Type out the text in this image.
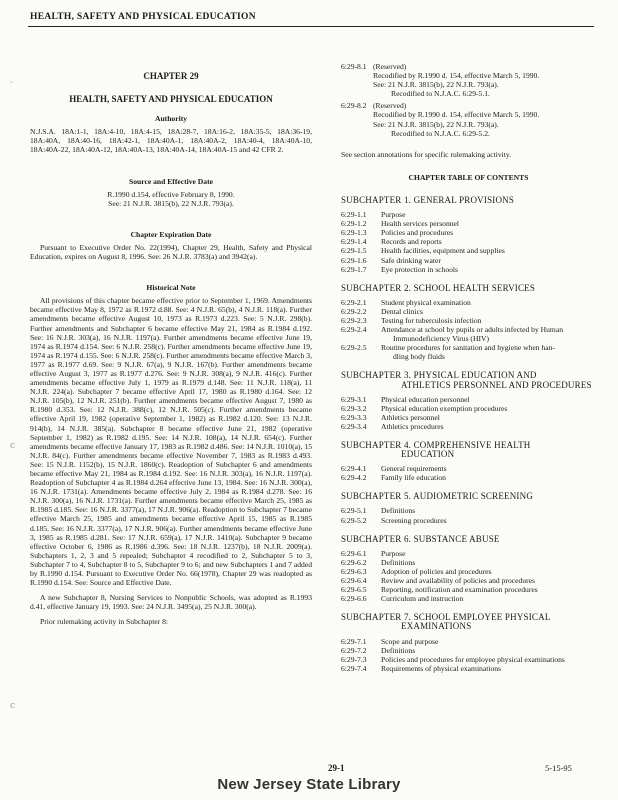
HEALTH, SAFETY AND PHYSICAL EDUCATION
˘
ⅽ
ⅽ
CHAPTER 29
HEALTH, SAFETY AND PHYSICAL EDUCATION
Authority

N.J.S.A. 18A:1-1, 18A:4-10, 18A:4-15, 18A:28-7, 18A:16-2, 18A:35-5, 18A:36-19, 18A:40A, 18A:40-16, 18A:42-1, 18A:40A-1, 18A:40A-2, 18A:40-4, 18A:40A-10, 18A:40A-22, 18A:40A-12, 18A:40A-13, 18A:40A-14, 18A:40A-15 and 42 CFR 2.

Source and Effective Date
R.1990 d.154, effective February 8, 1990.
See: 21 N.J.R. 3815(b), 22 N.J.R. 793(a).
Chapter Expiration Date

Pursuant to Executive Order No. 22(1994), Chapter 29, Health, Safety and Physical Education, expires on August 8, 1996. See: 26 N.J.R. 3783(a) and 3942(a).

Historical Note

All provisions of this chapter became effective prior to September 1, 1969. Amendments became effective May 8, 1972 as R.1972 d.88. See: 4 N.J.R. 65(b), 4 N.J.R. 118(a). Further amendments became effective August 10, 1973 as R.1973 d.223. See: 5 N.J.R. 298(b). Further amendments and Subchapter 6 became effective May 21, 1984 as R.1984 d.192. See: 16 N.J.R. 303(a), 16 N.J.R. 1197(a). Further amendments became effective June 19, 1974 as R.1974 d.154. See: 6 N.J.R. 258(c). Further amendments became effective June 19, 1974 as R.1974 d.155. See: 6 N.J.R. 258(c). Further amendments became effective March 3, 1977 as R.1977 d.69. See: 9 N.J.R. 67(a), 9 N.J.R. 167(b). Further amendments became effective August 3, 1977 as R.1977 d.276. See: 9 N.J.R. 308(a), 9 N.J.R. 416(c). Further amendments became effective July 1, 1979 as R.1979 d.148. See: 11 N.J.R. 118(a), 11 N.J.R. 224(a). Subchapter 7 became effective April 17, 1980 as R.1980 d.164. See: 12 N.J.R. 105(b), 12 N.J.R. 251(b). Further amendments became effective August 7, 1980 as R.1980 d.353. See: 12 N.J.R. 388(c), 12 N.J.R. 505(c). Further amendments became effective April 19, 1982 (operative September 1, 1982) as R.1982 d.120. See: 13 N.J.R. 914(b), 14 N.J.R. 385(a). Subchapter 8 became effective June 21, 1982 (operative September 1, 1982) as R.1982 d.195. See: 14 N.J.R. 108(a), 14 N.J.R. 654(c). Further amendments became effective January 17, 1983 as R.1982 d.486. See: 14 N.J.R. 1010(a), 15 N.J.R. 84(c). Further amendments became effective November 7, 1983 as R.1983 d.493. See: 15 N.J.R. 1152(b), 15 N.J.R. 1860(c). Readoption of Subchapter 6 and amendments became effective May 21, 1984 as R.1984 d.192. See: 16 N.J.R. 303(a), 16 N.J.R. 1197(a). Readoption of Subchapter 4 as R.1984 d.264 effective June 13, 1984. See: 16 N.J.R. 300(a), 16 N.J.R. 1731(a). Amendments became effective July 2, 1984 as R.1984 d.278. See: 16 N.J.R. 300(a), 16 N.J.R. 1731(a). Further amendments became effective March 25, 1985 as R.1985 d.185. See: 16 N.J.R. 3377(a), 17 N.J.R. 906(a). Readoption to Subchapter 7 became effective March 25, 1985 and amendments became effective April 15, 1985 as R.1985 d.185. See: 16 N.J.R. 3377(a), 17 N.J.R. 906(a). Further amendments became effective June 3, 1985 as R.1985 d.281. See: 17 N.J.R. 659(a), 17 N.J.R. 1410(a). Subchapter 9 became effective October 6, 1986 as R.1986 d.396. See: 18 N.J.R. 1237(b), 18 N.J.R. 2009(a). Subchapters 1, 2, 3 and 5 repealed; Subchapter 4 recodified to 2, Subchapter 5 to 3, Subchapter 7 to 4, Subchapter 8 to 5, Subchapter 9 to 6; and new Subchapters 1 and 7 added by R.1990 d.154. Pursuant to Executive Order No. 66(1978), Chapter 29 was readopted as R.1990 d.154. See: Source and Effective Date.

A new Subchapter 8, Nursing Services to Nonpublic Schools, was adopted as R.1993 d.41, effective January 19, 1993. See: 24 N.J.R. 3495(a), 25 N.J.R. 300(a).

Prior rulemaking activity in Subchapter 8:

6:29-8.1 (Reserved)
Recodified by R.1990 d. 154, effective March 5, 1990.
See: 21 N.J.R. 3815(b), 22 N.J.R. 793(a).
Recodified to N.J.A.C. 6:29-5.1.
6:29-8.2 (Reserved)
Recodified by R.1990 d. 154, effective March 5, 1990.
See: 21 N.J.R. 3815(b), 22 N.J.R. 793(a).
Recodified to N.J.A.C. 6:29-5.2.
See section annotations for specific rulemaking activity.
CHAPTER TABLE OF CONTENTS
SUBCHAPTER 1. GENERAL PROVISIONS
6:29-1.1	Purpose
6:29-1.2	Health services personnel
6:29-1.3	Policies and procedures
6:29-1.4	Records and reports
6:29-1.5	Health facilities, equipment and supplies
6:29-1.6	Safe drinking water
6:29-1.7	Eye protection in schools
SUBCHAPTER 2. SCHOOL HEALTH SERVICES
6:29-2.1	Student physical examination
6:29-2.2	Dental clinics
6:29-2.3	Testing for tuberculosis infection
6:29-2.4	Attendance at school by pupils or adults infected by Human
Immunodeficiency Virus (HIV)
6:29-2.5	Routine procedures for sanitation and hygiene when han-
dling body fluids
SUBCHAPTER 3. PHYSICAL EDUCATION AND
ATHLETICS PERSONNEL AND PROCEDURES
6:29-3.1	Physical education personnel
6:29-3.2	Physical education exemption procedures
6:29-3.3	Athletics personnel
6:29-3.4	Athletics procedures
SUBCHAPTER 4. COMPREHENSIVE HEALTH
EDUCATION
6:29-4.1	General requirements
6:29-4.2	Family life education
SUBCHAPTER 5. AUDIOMETRIC SCREENING
6:29-5.1	Definitions
6:29-5.2	Screening procedures
SUBCHAPTER 6. SUBSTANCE ABUSE
6:29-6.1	Purpose
6:29-6.2	Definitions
6:29-6.3	Adoption of policies and procedures
6:29-6.4	Review and availability of policies and procedures
6:29-6.5	Reporting, notification and examination procedures
6:29-6.6	Curriculum and instruction
SUBCHAPTER 7. SCHOOL EMPLOYEE PHYSICAL
EXAMINATIONS
6:29-7.1	Scope and purpose
6:29-7.2	Definitions
6:29-7.3	Policies and procedures for employee physical examinations
6:29-7.4	Requirements of physical examinations
29-1	5-15-95
New Jersey State Library
